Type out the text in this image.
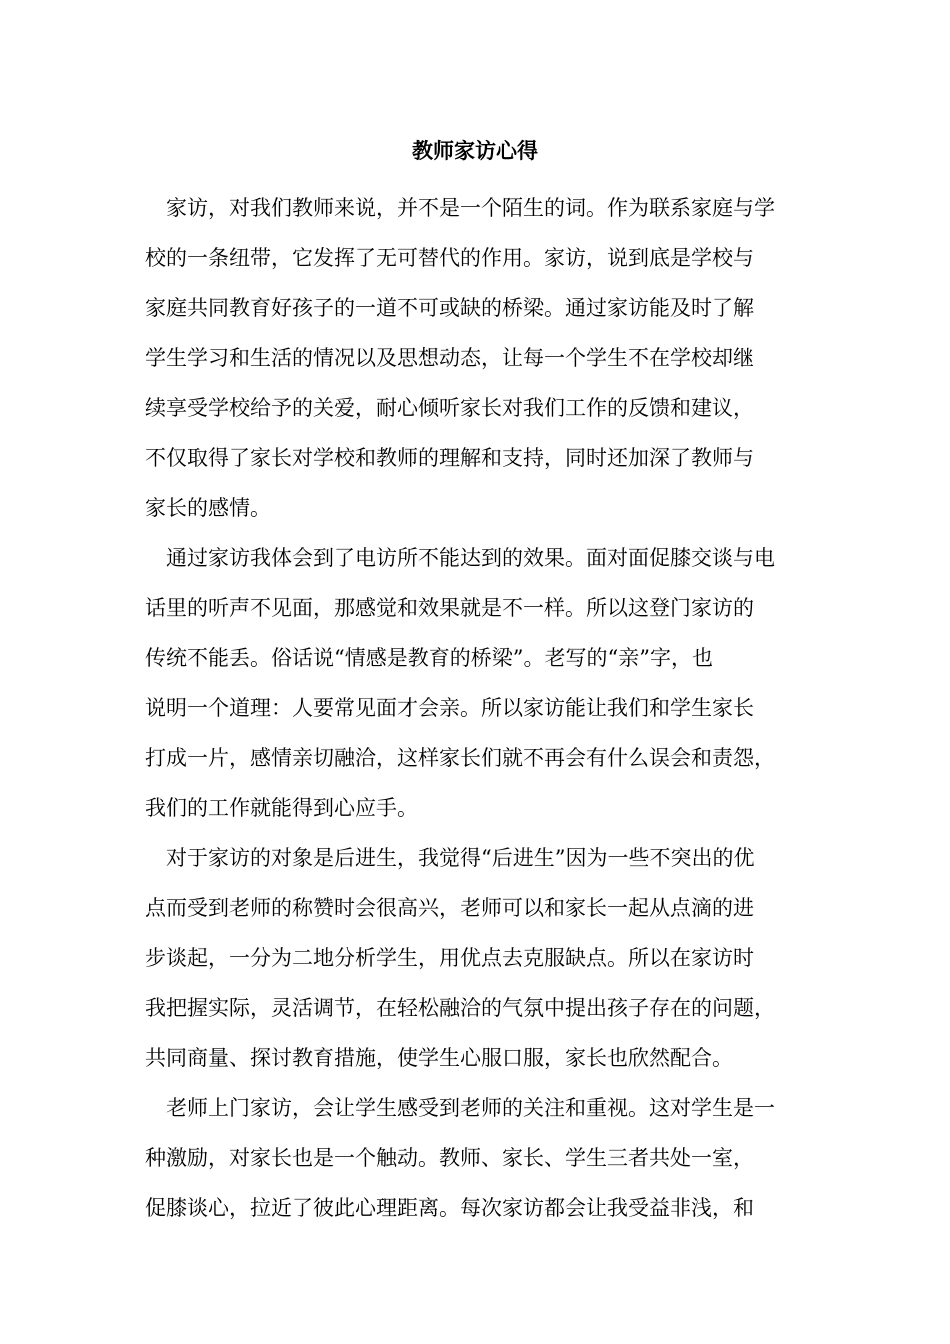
教师家访心得

家访，对我们教师来说，并不是一个陌生的词。作为联系家庭与学
校的一条纽带，它发挥了无可替代的作用。家访，说到底是学校与
家庭共同教育好孩子的一道不可或缺的桥梁。通过家访能及时了解
学生学习和生活的情况以及思想动态，让每一个学生不在学校却继
续享受学校给予的关爱，耐心倾听家长对我们工作的反馈和建议，
不仅取得了家长对学校和教师的理解和支持，同时还加深了教师与
家长的感情。

通过家访我体会到了电访所不能达到的效果。面对面促膝交谈与电
话里的听声不见面，那感觉和效果就是不一样。所以这登门家访的
传统不能丢。俗话说“情感是教育的桥梁”。老写的“亲”字，也
说明一个道理：人要常见面才会亲。所以家访能让我们和学生家长
打成一片，感情亲切融洽，这样家长们就不再会有什么误会和责怨，
我们的工作就能得到心应手。

对于家访的对象是后进生，我觉得“后进生”因为一些不突出的优
点而受到老师的称赞时会很高兴，老师可以和家长一起从点滴的进
步谈起，一分为二地分析学生，用优点去克服缺点。所以在家访时
我把握实际，灵活调节，在轻松融洽的气氛中提出孩子存在的问题，
共同商量、探讨教育措施，使学生心服口服，家长也欣然配合。

老师上门家访，会让学生感受到老师的关注和重视。这对学生是一
种激励，对家长也是一个触动。教师、家长、学生三者共处一室，
促膝谈心，拉近了彼此心理距离。每次家访都会让我受益非浅，和
